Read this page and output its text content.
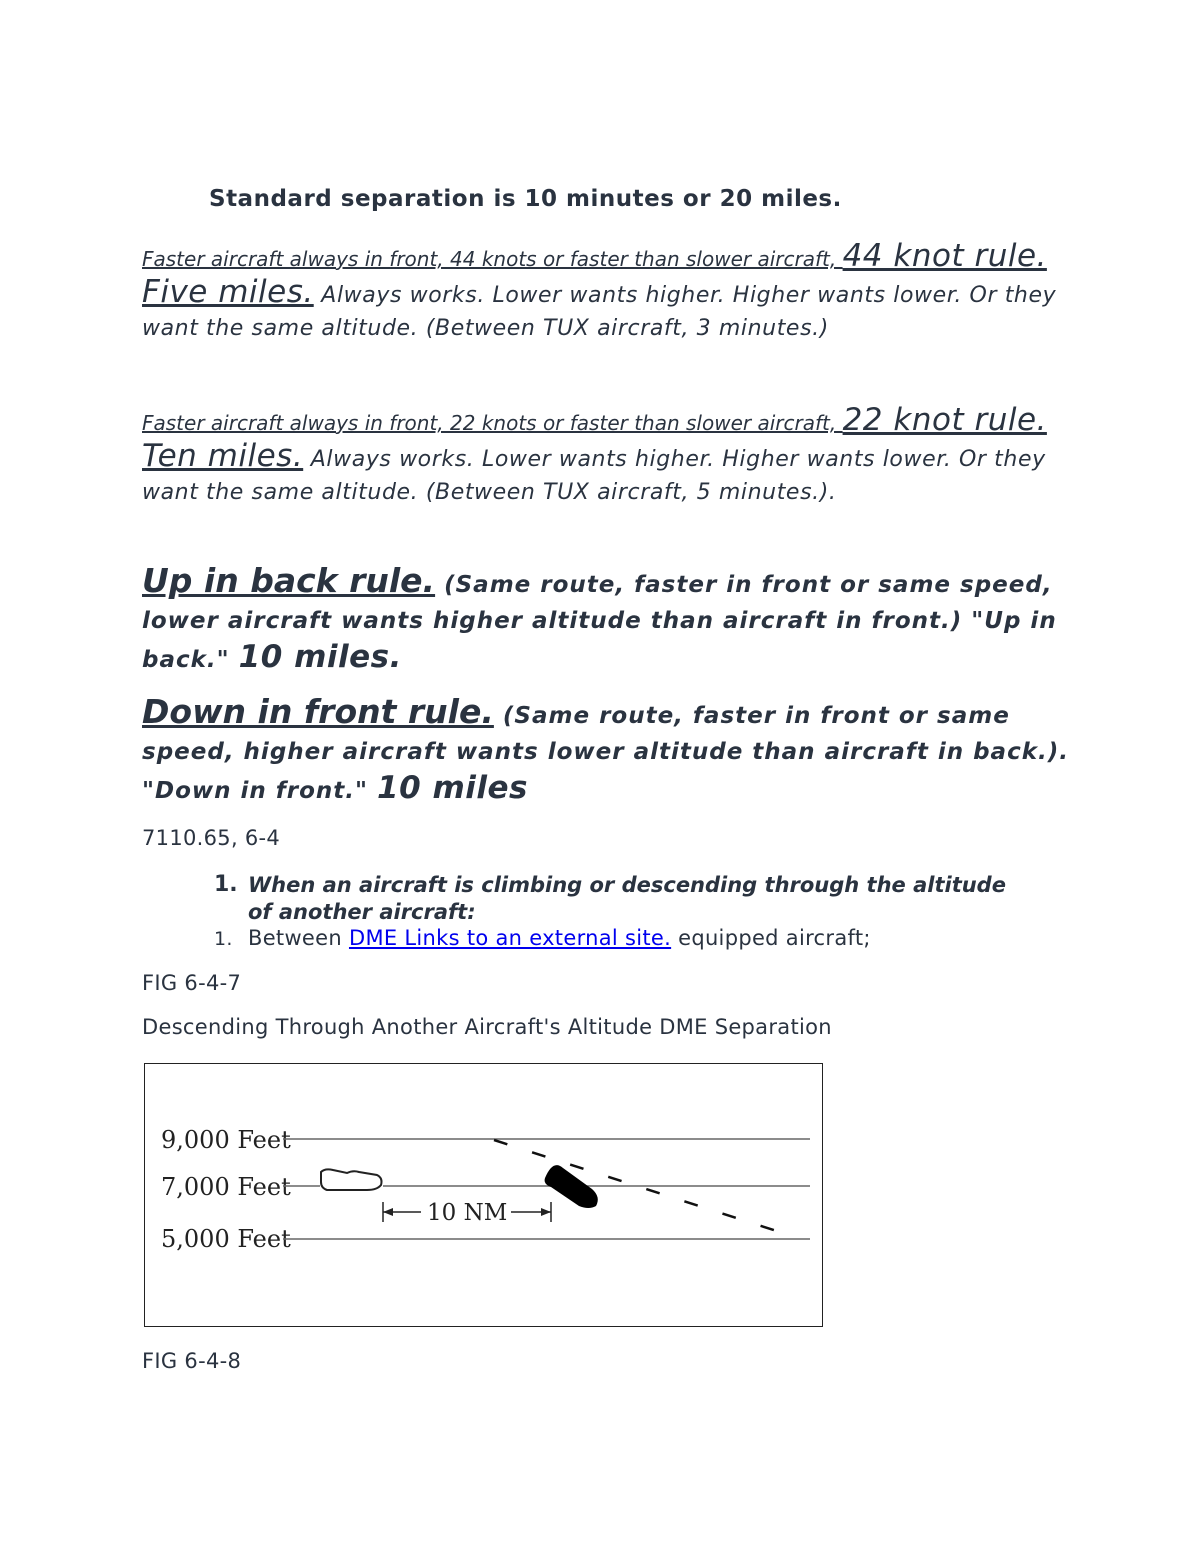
Standard separation is 10 minutes or 20 miles.
Faster aircraft always in front, 44 knots or faster than slower aircraft, 44 knot rule. Five miles. Always works. Lower wants higher. Higher wants lower. Or they want the same altitude. (Between TUX aircraft, 3 minutes.)
Faster aircraft always in front, 22 knots or faster than slower aircraft, 22 knot rule. Ten miles. Always works. Lower wants higher. Higher wants lower. Or they want the same altitude. (Between TUX aircraft, 5 minutes.).
Up in back rule. (Same route, faster in front or same speed, lower aircraft wants higher altitude than aircraft in front.) "Up in back." 10 miles.
Down in front rule. (Same route, faster in front or same speed, higher aircraft wants lower altitude than aircraft in back.). "Down in front." 10 miles
7110.65, 6-4
1. When an aircraft is climbing or descending through the altitude of another aircraft:
1. Between DME Links to an external site. equipped aircraft;
FIG 6-4-7
Descending Through Another Aircraft's Altitude DME Separation
9,000 Feet
7,000 Feet
5,000 Feet
10 NM
FIG 6-4-8
